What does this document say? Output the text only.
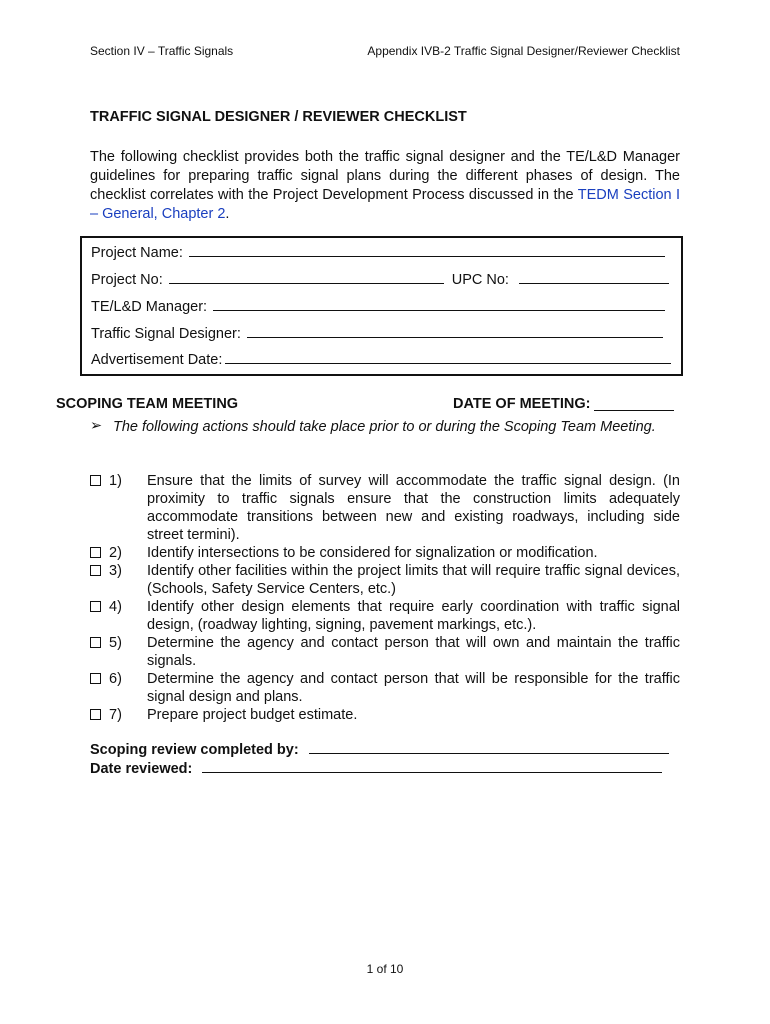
Section IV – Traffic Signals	Appendix IVB-2 Traffic Signal Designer/Reviewer Checklist
TRAFFIC SIGNAL DESIGNER / REVIEWER CHECKLIST
The following checklist provides both the traffic signal designer and the TE/L&D Manager guidelines for preparing traffic signal plans during the different phases of design. The checklist correlates with the Project Development Process discussed in the TEDM Section I – General, Chapter 2.
Project Name:
Project No:	UPC No:
TE/L&D Manager:
Traffic Signal Designer:
Advertisement Date:
SCOPING TEAM MEETING	DATE OF MEETING:
➢ The following actions should take place prior to or during the Scoping Team Meeting.
1)	Ensure that the limits of survey will accommodate the traffic signal design. (In proximity to traffic signals ensure that the construction limits adequately accommodate transitions between new and existing roadways, including side street termini).
2)	Identify intersections to be considered for signalization or modification.
3)	Identify other facilities within the project limits that will require traffic signal devices, (Schools, Safety Service Centers, etc.)
4)	Identify other design elements that require early coordination with traffic signal design, (roadway lighting, signing, pavement markings, etc.).
5)	Determine the agency and contact person that will own and maintain the traffic signals.
6)	Determine the agency and contact person that will be responsible for the traffic signal design and plans.
7)	Prepare project budget estimate.
Scoping review completed by:
Date reviewed:
1 of 10
